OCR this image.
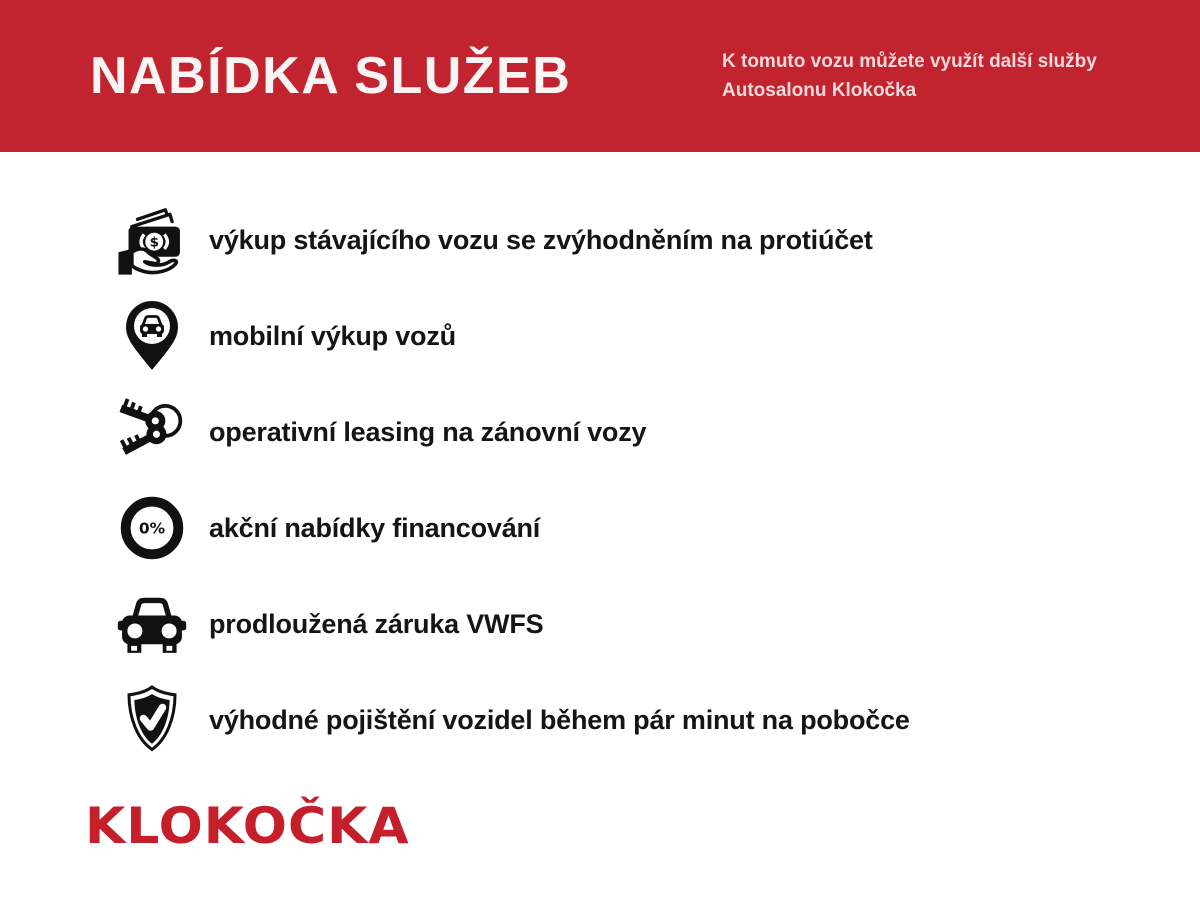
NABÍDKA SLUŽEB	K tomuto vozu můžete využít další služby
Autosalonu Klokočka
$ výkup stávajícího vozu se zvýhodněním na protiúčet
mobilní výkup vozů
operativní leasing na zánovní vozy
0% akční nabídky financování
prodloužená záruka VWFS
výhodné pojištění vozidel během pár minut na pobočce
KLOKOČKA
